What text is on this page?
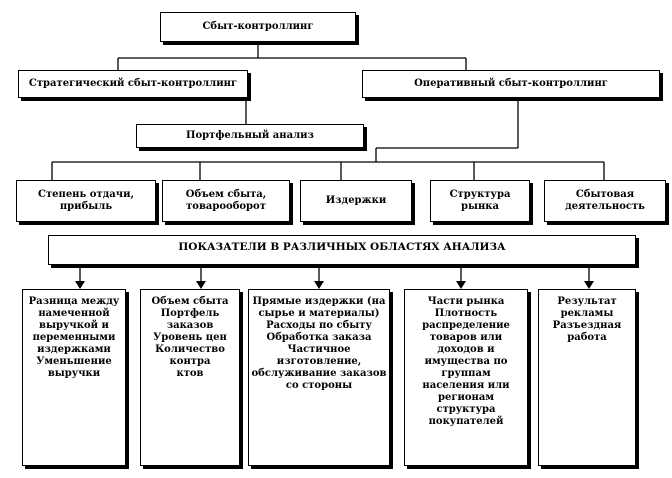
Сбыт-контроллинг
Стратегический сбыт-контроллинг	Оперативный сбыт-контроллинг
Портфельный анализ
Степень отдачи,
прибыль
Объем сбыта,
товарооборот
Издержки
Структура
рынка
Сбытовая
деятельность
ПОКАЗАТЕЛИ В РАЗЛИЧНЫХ ОБЛАСТЯХ АНАЛИЗА
Разница между
намеченной
выручкой и
переменными
издержками
Уменьшение
выручки
Объем сбыта
Портфель
заказов
Уровень цен
Количество
контра
ктов
Прямые издержки (на
сырье и материалы)
Расходы по сбыту
Обработка заказа
Частичное
изготовление,
обслуживание заказов
со стороны
Части рынка
Плотность
распределение
товаров или
доходов и
имущества по
группам
населения или
регионам
структура
покупателей
Результат
рекламы
Разъездная
работа
